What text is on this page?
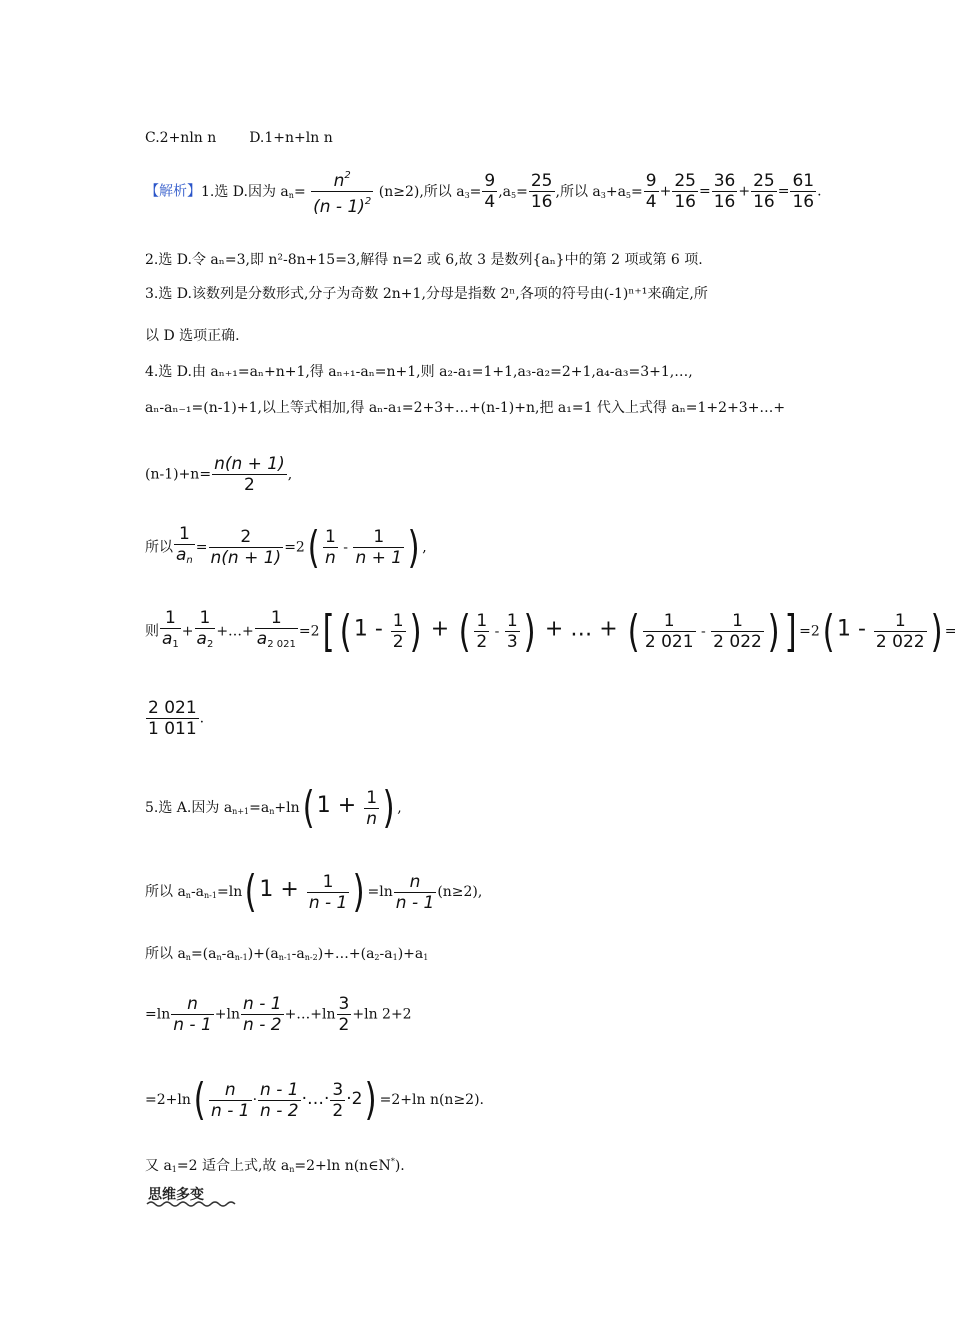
C.2+nln n D.1+n+ln n
【解析】1.选 D.因为 $a_n= \frac{n^2}{(n - 1)^2} (n\ge 2)$,所以 $a_3= \frac{9}{4} ,a_5= \frac{25}{16}$ ,所以 $a_3+a_5= \frac{9}{4} + \frac{25}{16} = \frac{36}{16} + \frac{25}{16} = \frac{61}{16}$ .
2.选 D.令 aₙ=3,即 n²-8n+15=3,解得 n=2 或 6,故 3 是数列{aₙ}中的第 2 项或第 6 项.
3.选 D.该数列是分数形式,分子为奇数 2n+1,分母是指数 2ⁿ,各项的符号由(-1)ⁿ⁺¹来确定,所
以 D 选项正确.
4.选 D.由 aₙ₊₁=aₙ+n+1,得 aₙ₊₁-aₙ=n+1,则 a₂-a₁=1+1,a₃-a₂=2+1,a₄-a₃=3+1,…,
aₙ-aₙ₋₁=(n-1)+1,以上等式相加,得 aₙ-a₁=2+3+…+(n-1)+n,把 a₁=1 代入上式得 aₙ=1+2+3+…+
$(n-1)+n= \frac{n(n + 1)}{2}$ ,
所以 $\frac{1}{an} = \frac{2}{n(n + 1)} =2( \frac{1}{n} - \frac{1}{n + 1}$ ) ,
则 $\frac{1}{a1} + \frac{1}{a2}$ +…+ $\frac{1}{a2 021} =2$[ ( $1 - \frac{1}{2}$ ) + ( $\frac{1}{2} - \frac{1}{3}$ ) + … + ( $\frac{1}{2 021} - \frac{1}{2 022}$ ) ] =2( $1 - \frac{1}{2 022}$ ) =
$\frac{2 021}{1 011}$ .
5.选 A.因为 $a_{n+1}=a_n+\ln$( $1 + \frac{1}{n}$ ) ,
所以 $a_n-a_{n-1}=\ln$( $1 + \frac{1}{n - 1}$ ) $=\ln \frac{n}{n - 1} (n\ge 2)$,
所以 $a_n=(a_n-a_{n-1})+(a_{n-1}-a_{n-2})+\dots+(a_2-a_1)+a_1$
$=\ln \frac{n}{n - 1} +\ln \frac{n - 1}{n - 2}$ +…+ln $\frac{3}{2} +\ln$ 2+2
$=2+\ln( \frac{n}{n - 1} \cdot \frac{n - 1}{n - 2}$ ·…· $\frac{3}{2} \cdot 2) =2+\ln$ n(n≥2).
又 $a_1=2$ 适合上式,故 $a_n=2+\ln$ n(n∈N*).
思维多变
